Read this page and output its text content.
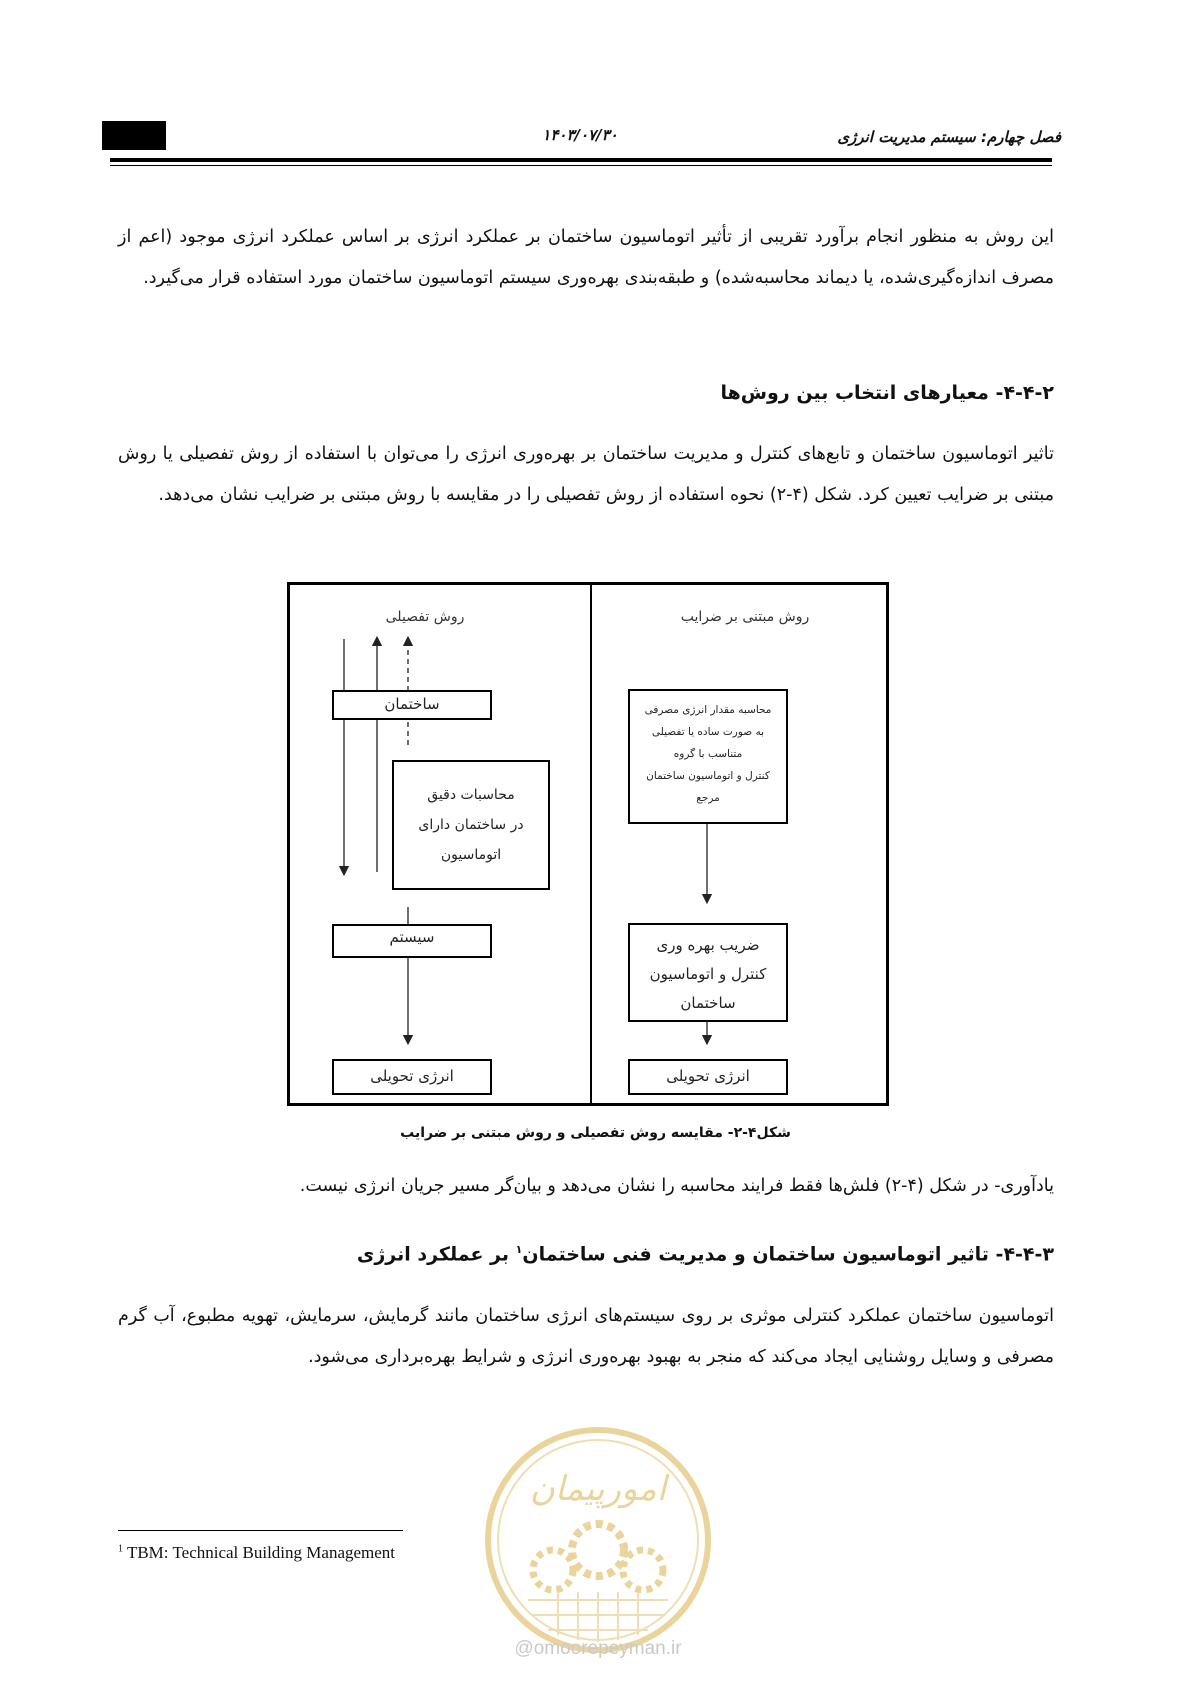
۱۴۰۳/۰۷/۳۰	فصل چهارم: سیستم مدیریت انرژی
این روش به منظور انجام برآورد تقریبی از تأثیر اتوماسیون ساختمان بر عملکرد انرژی بر اساس عملکرد انرژی موجود (اعم از مصرف اندازه‌گیری‌شده، یا دیماند محاسبه‌شده) و طبقه‌بندی بهره‌وری سیستم اتوماسیون ساختمان مورد استفاده قرار می‌گیرد.
۴-۴-۲- معیارهای انتخاب بین روش‌ها
تاثیر اتوماسیون ساختمان و تابع‌های کنترل و مدیریت ساختمان بر بهره‌وری انرژی را می‌توان با استفاده از روش تفصیلی یا روش مبتنی بر ضرایب تعیین کرد. شکل (۴-۲) نحوه استفاده از روش تفصیلی را در مقایسه با روش مبتنی بر ضرایب نشان می‌دهد.
روش تفصیلی	روش مبتنی بر ضرایب
ساختمان
محاسبات دقیق
در ساختمان دارای
اتوماسیون
سیستم
انرژی تحویلی
محاسبه مقدار انرژی مصرفی
به صورت ساده یا تفصیلی
متناسب با گروه
کنترل و اتوماسیون ساختمان
مرجع
ضریب بهره وری
کنترل و اتوماسیون
ساختمان
انرژی تحویلی
شکل۴-۲- مقایسه روش تفصیلی و روش مبتنی بر ضرایب
یادآوری- در شکل (۴-۲) فلش‌ها فقط فرایند محاسبه را نشان می‌دهد و بیان‌گر مسیر جریان انرژی نیست.
۴-۴-۳- تاثیر اتوماسیون ساختمان و مدیریت فنی ساختمان$^۱$ بر عملکرد انرژی
اتوماسیون ساختمان عملکرد کنترلی موثری بر روی سیستم‌های انرژی ساختمان مانند گرمایش، سرمایش، تهویه مطبوع، آب گرم مصرفی و وسایل روشنایی ایجاد می‌کند که منجر به بهبود بهره‌وری انرژی و شرایط بهره‌برداری می‌شود.
امورپیمان
@omoorepeyman.ir
$^1$ TBM: Technical Building Management
